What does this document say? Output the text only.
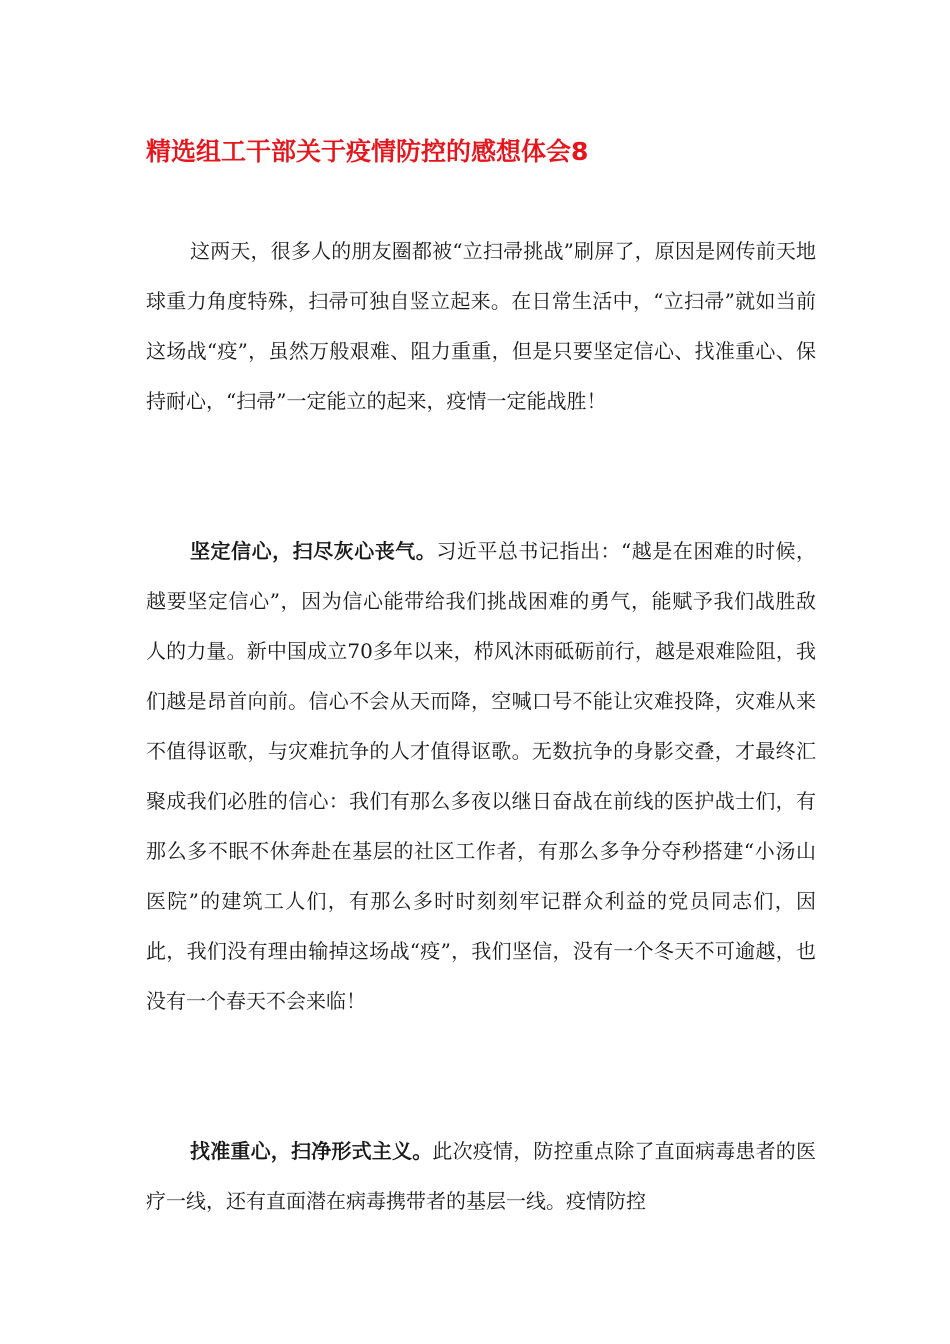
精选组工干部关于疫情防控的感想体会8

这两天，很多人的朋友圈都被“立扫帚挑战”刷屏了，原因是网传前天地球重力角度特殊，扫帚可独自竖立起来。在日常生活中，“立扫帚”就如当前这场战“疫”，虽然万般艰难、阻力重重，但是只要坚定信心、找准重心、保持耐心，“扫帚”一定能立的起来，疫情一定能战胜！

坚定信心，扫尽灰心丧气。习近平总书记指出：“越是在困难的时候，越要坚定信心”，因为信心能带给我们挑战困难的勇气，能赋予我们战胜敌人的力量。新中国成立70多年以来，栉风沐雨砥砺前行，越是艰难险阻，我们越是昂首向前。信心不会从天而降，空喊口号不能让灾难投降，灾难从来不值得讴歌，与灾难抗争的人才值得讴歌。无数抗争的身影交叠，才最终汇聚成我们必胜的信心：我们有那么多夜以继日奋战在前线的医护战士们，有那么多不眠不休奔赴在基层的社区工作者，有那么多争分夺秒搭建“小汤山医院”的建筑工人们，有那么多时时刻刻牢记群众利益的党员同志们，因此，我们没有理由输掉这场战“疫”，我们坚信，没有一个冬天不可逾越，也没有一个春天不会来临！

找准重心，扫净形式主义。此次疫情，防控重点除了直面病毒患者的医疗一线，还有直面潜在病毒携带者的基层一线。疫情防控
